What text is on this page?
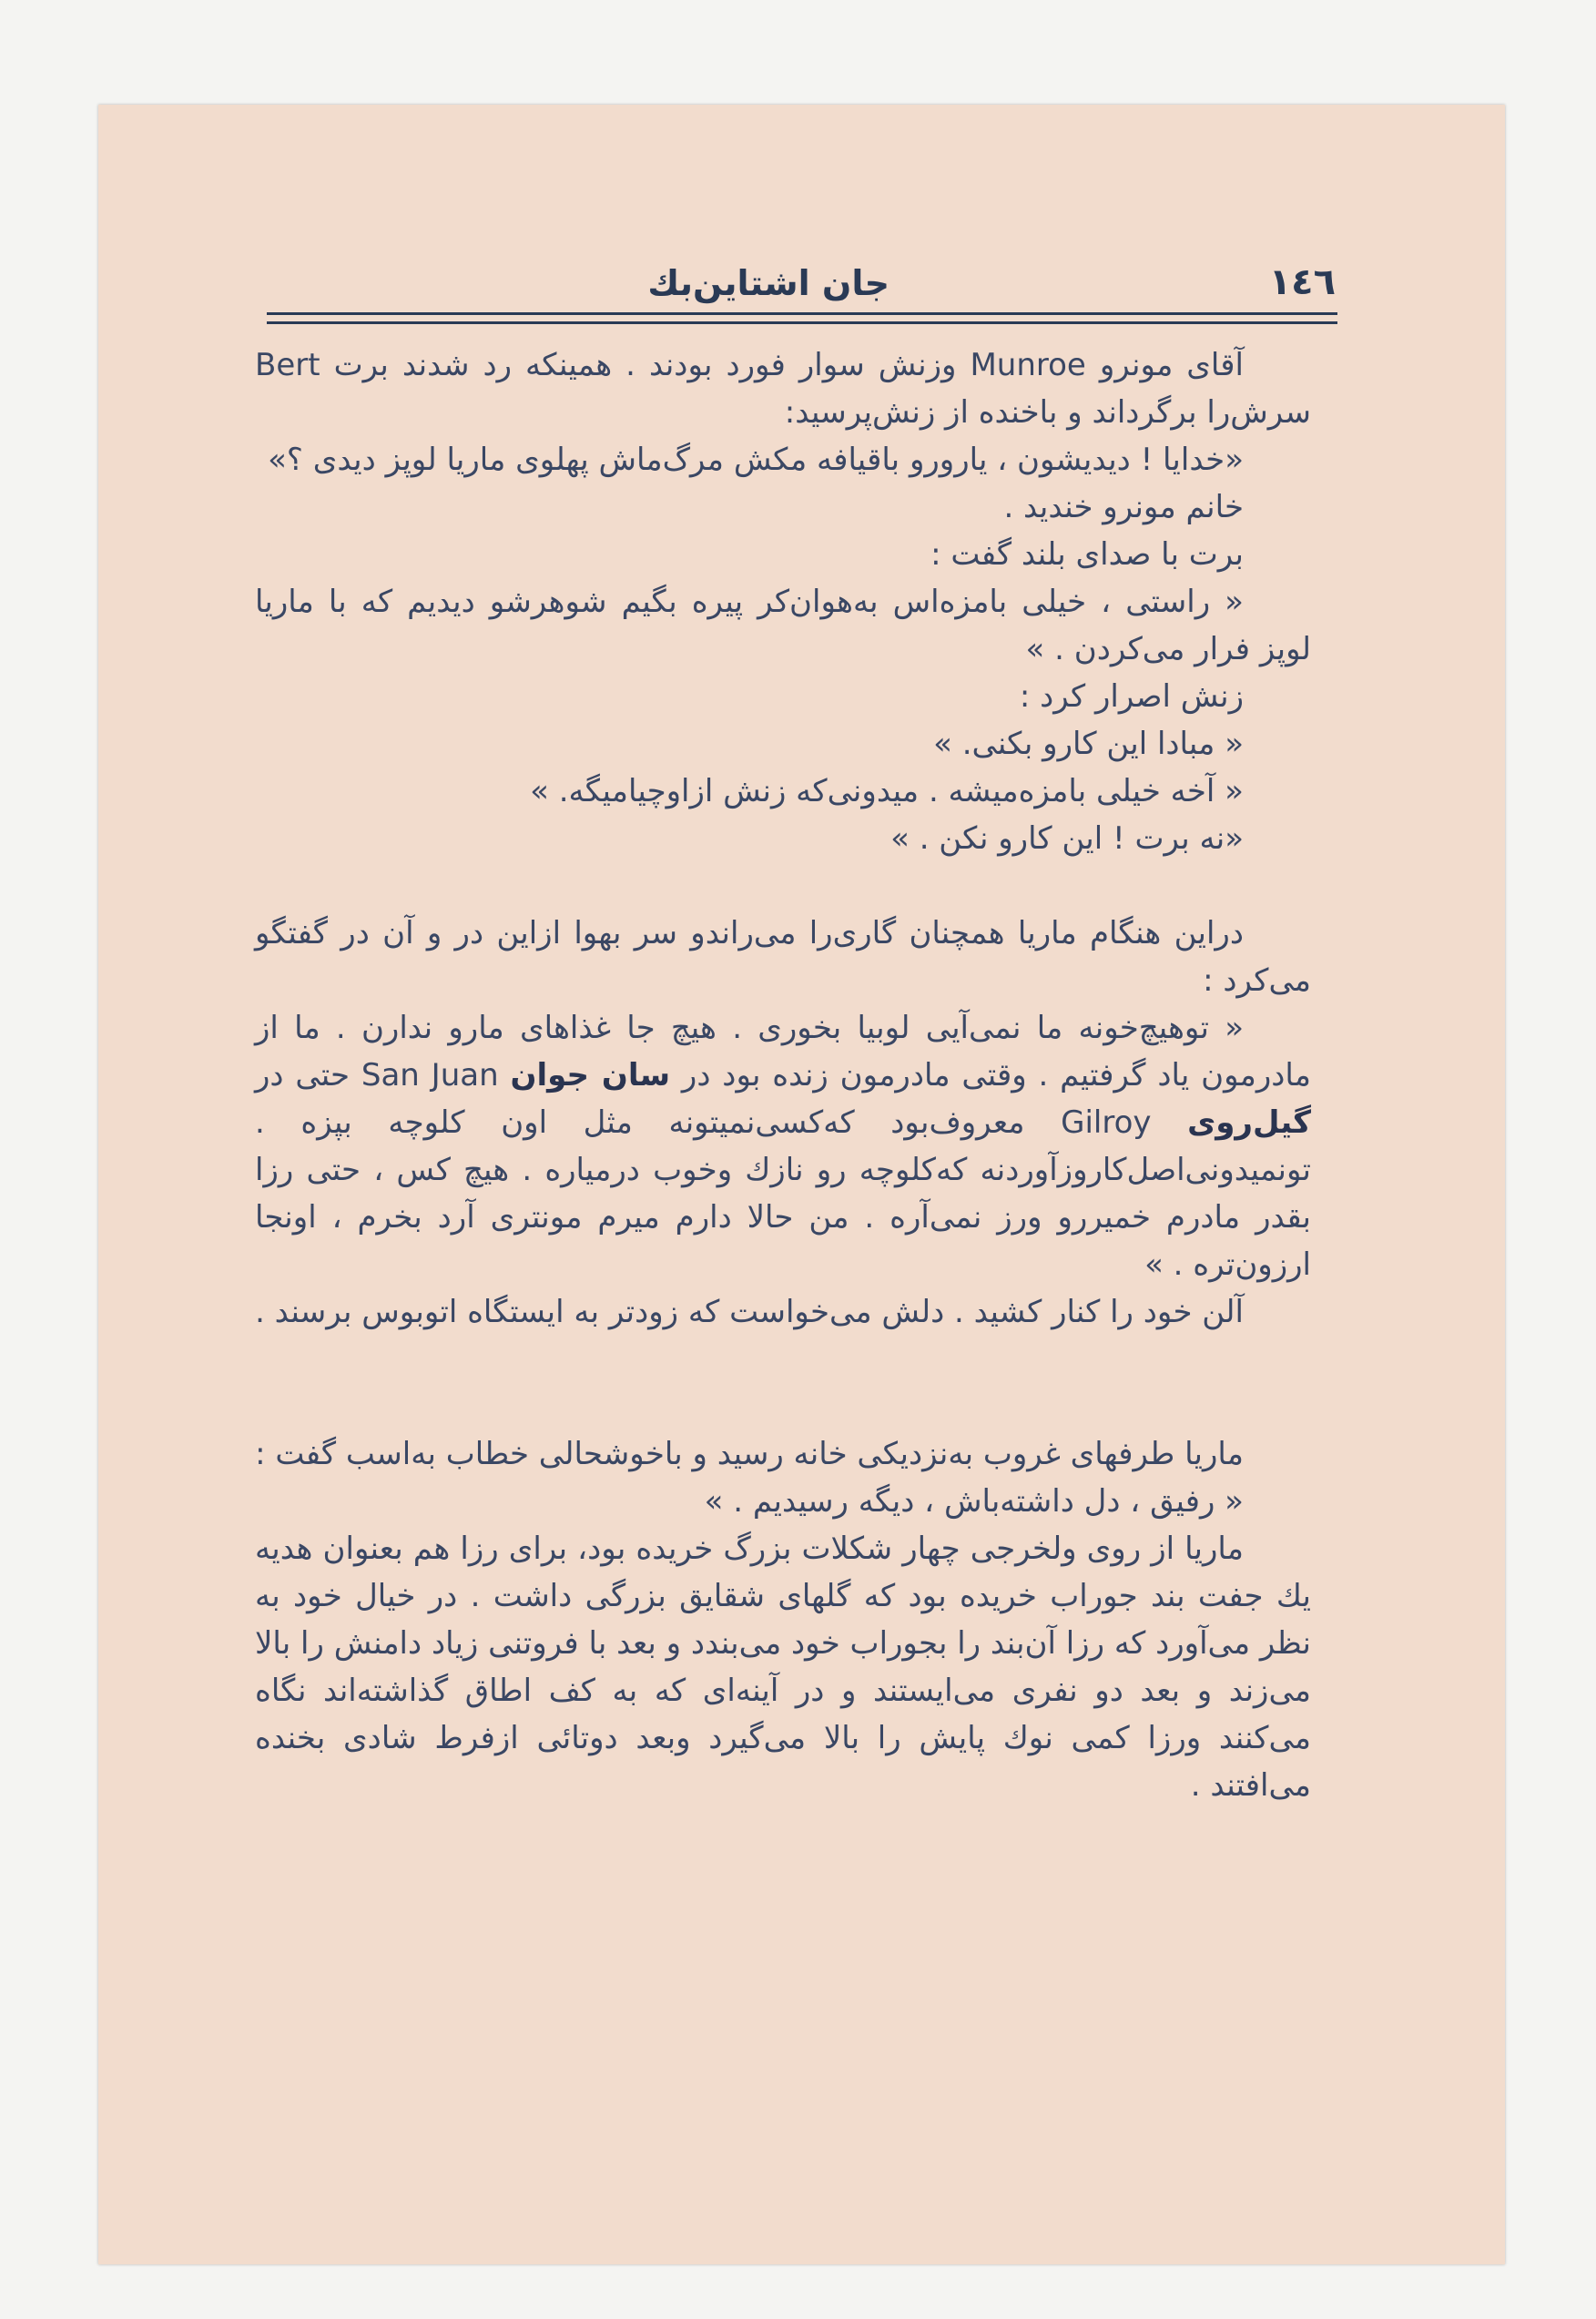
١٤٦
جان اشتاین‌بك

آقای مونرو Munroe وزنش سوار فورد بودند . همینکه رد شدند برت Bert سرش‌را برگرداند و باخنده از زنش‌پرسید:

«خدایا ! دیدیشون ، یارورو باقیافه مکش مرگ‌ماش پهلوی ماریا لوپز دیدی ؟»

خانم مونرو خندید .

برت با صدای بلند گفت :

« راستی ، خیلی بامزه‌اس به‌هوان‌کر پیره بگیم شوهرشو دیدیم که با ماریا لوپز فرار می‌کردن . »

زنش اصرار کرد :

« مبادا این کارو بکنی. »

« آخه خیلی بامزه‌میشه . میدونی‌که زنش ازاوچیامیگه. »

«نه برت ! این کارو نکن . »

دراین هنگام ماریا همچنان گاری‌را می‌راندو سر بهوا ازاین در و آن در گفتگو می‌کرد :

« توهیچ‌خونه ما نمی‌آیی لوبیا بخوری . هیچ جا غذاهای مارو ندارن . ما از مادرمون یاد گرفتیم . وقتی مادرمون زنده بود در سان جوان San Juan حتی در گیل‌روی Gilroy معروف‌بود که‌کسی‌نمیتونه مثل اون کلوچه بپزه . تونمیدونی‌اصل‌کاروزآوردنه که‌کلوچه رو نازك وخوب درمیاره . هیچ کس ، حتی رزا بقدر مادرم خمیررو ورز نمی‌آره . من حالا دارم میرم مونتری آرد بخرم ، اونجا ارزون‌تره . »

آلن خود را کنار کشید . دلش می‌خواست که زودتر به ایستگاه اتوبوس برسند .

ماریا طرفهای غروب به‌نزدیکی خانه رسید و باخوشحالی خطاب به‌اسب گفت :

« رفیق ، دل داشته‌باش ، دیگه رسیدیم . »

ماریا از روی ولخرجی چهار شکلات بزرگ خریده بود، برای رزا هم بعنوان هدیه یك جفت بند جوراب خریده بود که گلهای شقایق بزرگی داشت . در خیال خود به نظر می‌آورد که رزا آن‌بند را بجوراب خود می‌بندد و بعد با فروتنی زیاد دامنش را بالا می‌زند و بعد دو نفری می‌ایستند و در آینه‌ای که به کف اطاق گذاشته‌اند نگاه می‌کنند ورزا کمی نوك پایش را بالا می‌گیرد وبعد دوتائی ازفرط شادی بخنده می‌افتند .
